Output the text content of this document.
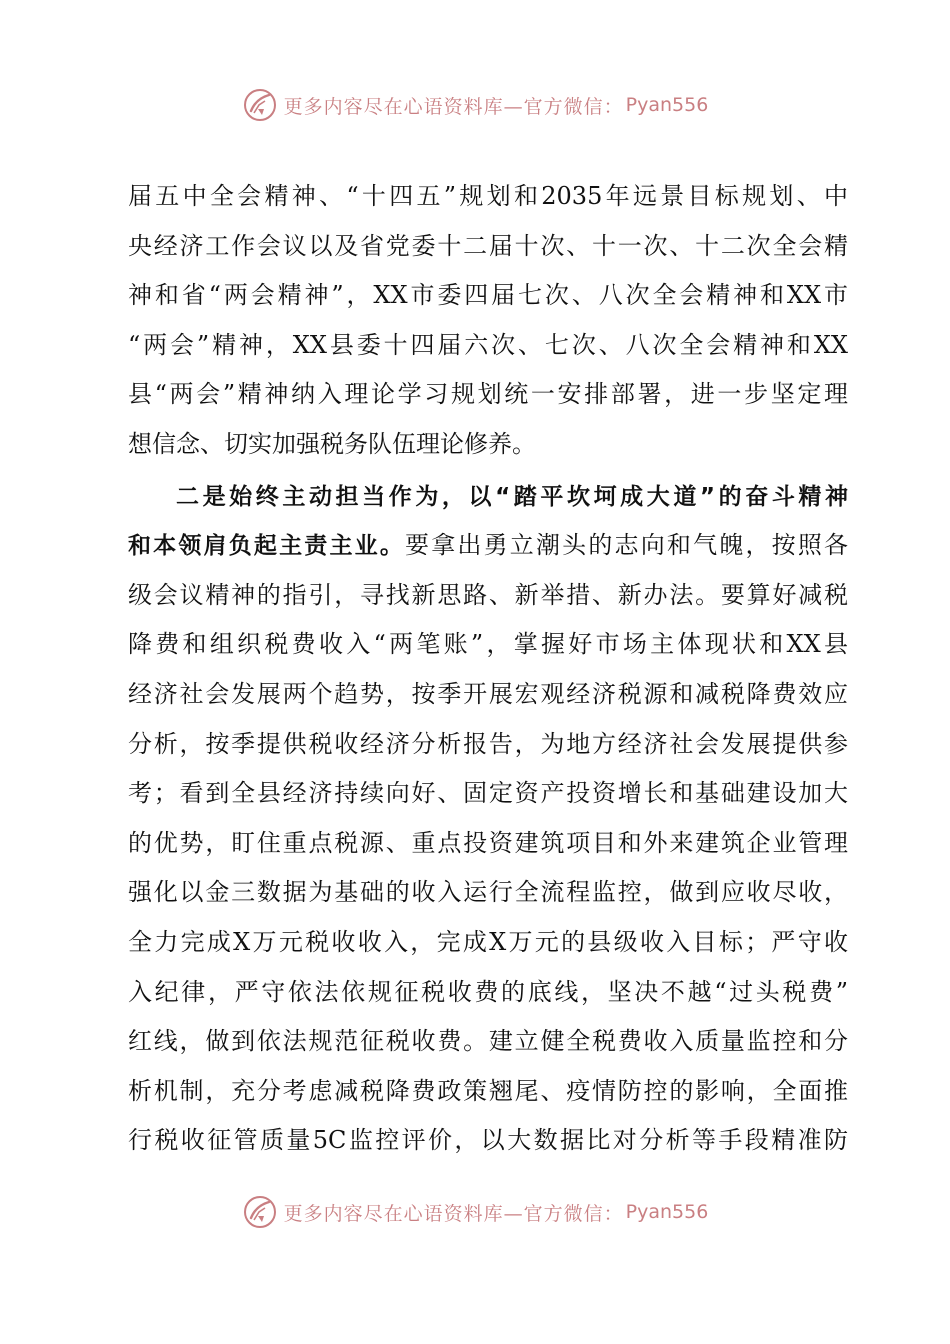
更多内容尽在心语资料库—官方微信： Pyan556
届五中全会精神、“十四五”规划和2035年远景目标规划、中
央经济工作会议以及省党委十二届十次、十一次、十二次全会精
神和省“两会精神”，XX市委四届七次、八次全会精神和XX市
“两会”精神，XX县委十四届六次、七次、八次全会精神和XX
县“两会”精神纳入理论学习规划统一安排部署，进一步坚定理
想信念、切实加强税务队伍理论修养。
二是始终主动担当作为，以“踏平坎坷成大道”的奋斗精神
和本领肩负起主责主业。要拿出勇立潮头的志向和气魄，按照各
级会议精神的指引，寻找新思路、新举措、新办法。要算好减税
降费和组织税费收入“两笔账”，掌握好市场主体现状和XX县
经济社会发展两个趋势，按季开展宏观经济税源和减税降费效应
分析，按季提供税收经济分析报告，为地方经济社会发展提供参
考；看到全县经济持续向好、固定资产投资增长和基础建设加大
的优势，盯住重点税源、重点投资建筑项目和外来建筑企业管理
强化以金三数据为基础的收入运行全流程监控，做到应收尽收，
全力完成X万元税收收入，完成X万元的县级收入目标；严守收
入纪律，严守依法依规征税收费的底线，坚决不越“过头税费”
红线，做到依法规范征税收费。建立健全税费收入质量监控和分
析机制，充分考虑减税降费政策翘尾、疫情防控的影响，全面推
行税收征管质量5C监控评价，以大数据比对分析等手段精准防
更多内容尽在心语资料库—官方微信： Pyan556
